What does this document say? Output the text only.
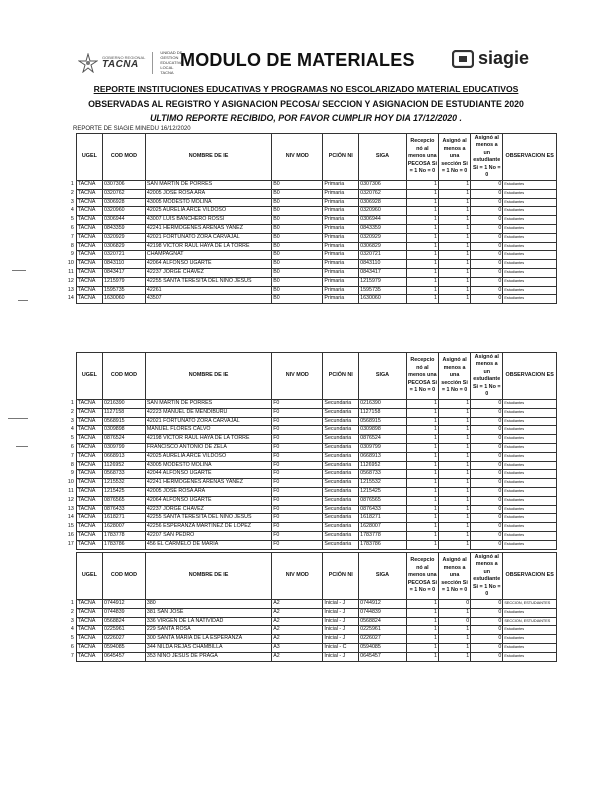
GOBIERNO REGIONAL
TACNA
UNIDAD DE GESTION EDUCATIVA LOCAL TACNA
MODULO DE MATERIALES	siagie
REPORTE INSTITUCIONES EDUCATIVAS Y PROGRAMAS NO ESCOLARIZADO MATERIAL EDUCATIVOS
OBSERVADAS AL REGISTRO Y ASIGNACION PECOSA/ SECCION Y ASIGNACION DE ESTUDIANTE 2020
ULTIMO REPORTE RECIBIDO, POR FAVOR CUMPLIR HOY DIA 17/12/2020 .
REPORTE DE SIAGIE MINEDU 16/12/2020
	UGEL	COD MOD	NOMBRE DE IE	NIV MOD	PCIÓN NI	SIGA	Recepcio nó al menos una PECOSA Si = 1 No = 0	Asignó al menos a una sección Si = 1 No = 0	Asignó al menos a un estudiante Si = 1 No = 0	OBSERVACION ES
1	TACNA	0307306	SAN MARTIN DE PORRES	B0	Primaria	0307306	1	1	0	Estudiantes
2	TACNA	0320762	42005 JOSE ROSA ARA	B0	Primaria	0320762	1	1	0	Estudiantes
3	TACNA	0306928	43005 MODESTO MOLINA	B0	Primaria	0306928	1	1	0	Estudiantes
4	TACNA	0320960	42025 AURELIA ARCE VILDOSO	B0	Primaria	0320960	1	1	0	Estudiantes
5	TACNA	0306944	43007 LUIS BANCHERO ROSSI	B0	Primaria	0306944	1	1	0	Estudiantes
6	TACNA	0843359	42241 HERMOGENES ARENAS YAÑEZ	B0	Primaria	0843359	1	1	0	Estudiantes
7	TACNA	0320929	42021 FORTUNATO ZORA CARVAJAL	B0	Primaria	0320929	1	1	0	Estudiantes
8	TACNA	0306829	42198 VICTOR RAUL HAYA DE LA TORRE	B0	Primaria	0306829	1	1	0	Estudiantes
9	TACNA	0320721	CHAMPAGNAT	B0	Primaria	0320721	1	1	0	Estudiantes
10	TACNA	0843110	42064 ALFONSO UGARTE	B0	Primaria	0843110	1	1	0	Estudiantes
11	TACNA	0843417	42237 JORGE CHAVEZ	B0	Primaria	0843417	1	1	0	Estudiantes
12	TACNA	1215979	42255 SANTA TERESITA DEL NIÑO JESUS	B0	Primaria	1215979	1	1	0	Estudiantes
13	TACNA	1595735	42261	B0	Primaria	1595735	1	1	0	Estudiantes
14	TACNA	1630060	43507	B0	Primaria	1630060	1	1	0	Estudiantes
	UGEL	COD MOD	NOMBRE DE IE	NIV MOD	PCIÓN NI	SIGA	Recepcio nó al menos una PECOSA Si = 1 No = 0	Asignó al menos a una sección Si = 1 No = 0	Asignó al menos a un estudiante Si = 1 No = 0	OBSERVACION ES
1	TACNA	0216390	SAN MARTIN DE PORRES	F0	Secundaria	0216390	1	1	0	Estudiantes
2	TACNA	1127158	42223 MANUEL DE MENDIBURU	F0	Secundaria	1127158	1	1	0	Estudiantes
3	TACNA	0568915	42021 FORTUNATO ZORA CARVAJAL	F0	Secundaria	0568915	1	1	0	Estudiantes
4	TACNA	0309898	MANUEL FLORES CALVO	F0	Secundaria	0309898	1	1	0	Estudiantes
5	TACNA	0876524	42198 VICTOR RAUL HAYA DE LA TORRE	F0	Secundaria	0876524	1	1	0	Estudiantes
6	TACNA	0309799	FRANCISCO ANTONIO DE ZELA	F0	Secundaria	0309799	1	1	0	Estudiantes
7	TACNA	0668913	42025 AURELIA ARCE VILDOSO	F0	Secundaria	0668913	1	1	0	Estudiantes
8	TACNA	1126952	43005 MODESTO MOLINA	F0	Secundaria	1126952	1	1	0	Estudiantes
9	TACNA	0568733	42044 ALFONSO UGARTE	F0	Secundaria	0568733	1	1	0	Estudiantes
10	TACNA	1215532	42241 HERMOGENES ARENAS YAÑEZ	F0	Secundaria	1215532	1	1	0	Estudiantes
11	TACNA	1215425	42005 JOSE ROSA ARA	F0	Secundaria	1215425	1	1	0	Estudiantes
12	TACNA	0876565	42064 ALFONSO UGARTE	F0	Secundaria	0876565	1	1	0	Estudiantes
13	TACNA	0876433	42237 JORGE CHAVEZ	F0	Secundaria	0876433	1	1	0	Estudiantes
14	TACNA	1618271	42255 SANTA TERESITA DEL NIÑO JESUS	F0	Secundaria	1618271	1	1	0	Estudiantes
15	TACNA	1628007	42256 ESPERANZA MARTINEZ DE LOPEZ	F0	Secundaria	1628007	1	1	0	Estudiantes
16	TACNA	1783778	42207 SAN PEDRO	F0	Secundaria	1783778	1	1	0	Estudiantes
17	TACNA	1783786	456 EL CARMELO DE MARIA	F0	Secundaria	1783786	1	1	0	Estudiantes
	UGEL	COD MOD	NOMBRE DE IE	NIV MOD	PCIÓN NI	SIGA	Recepcio nó al menos una PECOSA Si = 1 No = 0	Asignó al menos a una sección Si = 1 No = 0	Asignó al menos a un estudiante Si = 1 No = 0	OBSERVACION ES
1	TACNA	0744912	380	A2	Inicial - J	0744912	1	0	0	SECCION, ESTUDIANTES
2	TACNA	0744839	381 SAN JOSE	A2	Inicial - J	0744839	1	1	0	Estudiantes
3	TACNA	0568824	336 VIRGEN DE LA NATIVIDAD	A2	Inicial - J	0568824	1	0	0	SECCION, ESTUDIANTES
4	TACNA	0225961	229 SANTA ROSA	A2	Inicial - J	0225961	1	1	0	Estudiantes
5	TACNA	0226027	300 SANTA MARIA DE LA ESPERANZA	A2	Inicial - J	0226027	1	1	0	Estudiantes
6	TACNA	0594085	344 NILDA REJAS CHAMBILLA	A3	Inicial - C	0594085	1	1	0	Estudiantes
7	TACNA	0645457	353 NIÑO JESUS DE PRAGA	A2	Inicial - J	0645457	1	1	0	Estudiantes
